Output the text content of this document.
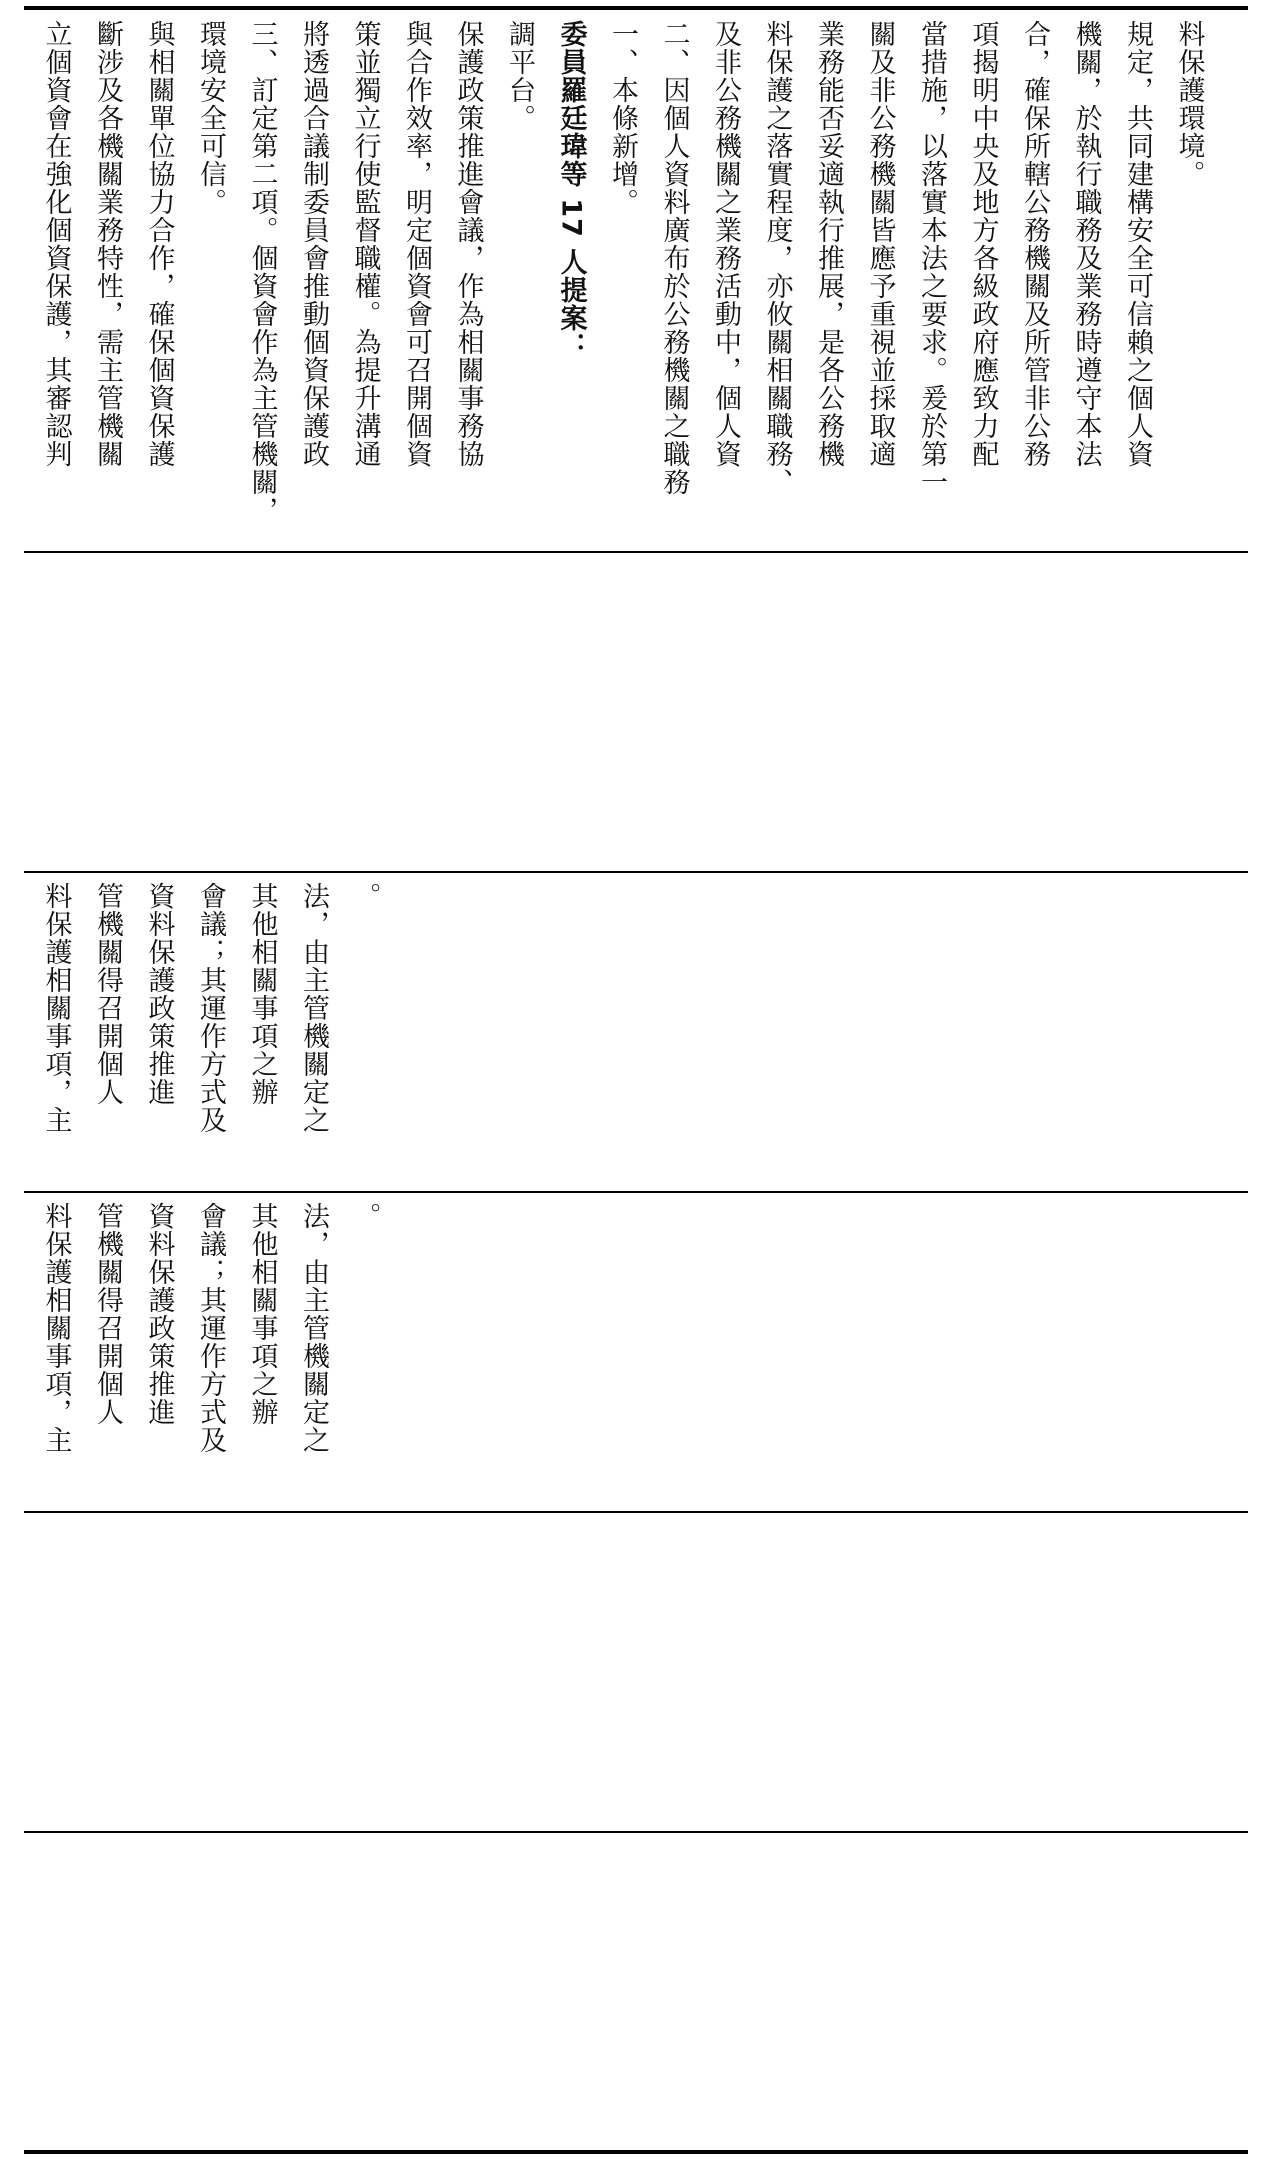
立個資會在強化個資保護，其審認判 斷涉及各機關業務特性，需主管機關 與相關單位協力合作，確保個資保護 環境安全可信。 三、訂定第二項。個資會作為主管機關， 將透過合議制委員會推動個資保護政 策並獨立行使監督職權。為提升溝通 與合作效率，明定個資會可召開個資 保護政策推進會議，作為相關事務協 調平台。 委員羅廷瑋等 17 人提案： 一、本條新增。 二、因個人資料廣布於公務機關之職務 及非公務機關之業務活動中，個人資 料保護之落實程度，亦攸關相關職務、 業務能否妥適執行推展，是各公務機 關及非公務機關皆應予重視並採取適 當措施，以落實本法之要求。爰於第一 項揭明中央及地方各級政府應致力配 合，確保所轄公務機關及所管非公務 機關，於執行職務及業務時遵守本法 規定，共同建構安全可信賴之個人資 料保護環境。
料保護相關事項，主 管機關得召開個人 資料保護政策推進 會議；其運作方式及 其他相關事項之辦 法，由主管機關定之 。
料保護相關事項，主 管機關得召開個人 資料保護政策推進 會議；其運作方式及 其他相關事項之辦 法，由主管機關定之 。
